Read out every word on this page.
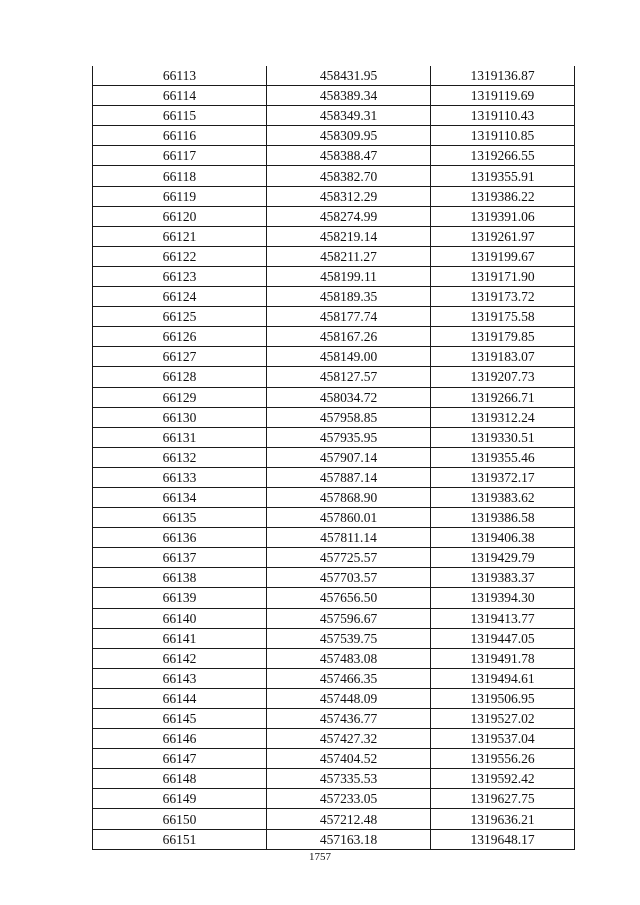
66113	458431.95	1319136.87
66114	458389.34	1319119.69
66115	458349.31	1319110.43
66116	458309.95	1319110.85
66117	458388.47	1319266.55
66118	458382.70	1319355.91
66119	458312.29	1319386.22
66120	458274.99	1319391.06
66121	458219.14	1319261.97
66122	458211.27	1319199.67
66123	458199.11	1319171.90
66124	458189.35	1319173.72
66125	458177.74	1319175.58
66126	458167.26	1319179.85
66127	458149.00	1319183.07
66128	458127.57	1319207.73
66129	458034.72	1319266.71
66130	457958.85	1319312.24
66131	457935.95	1319330.51
66132	457907.14	1319355.46
66133	457887.14	1319372.17
66134	457868.90	1319383.62
66135	457860.01	1319386.58
66136	457811.14	1319406.38
66137	457725.57	1319429.79
66138	457703.57	1319383.37
66139	457656.50	1319394.30
66140	457596.67	1319413.77
66141	457539.75	1319447.05
66142	457483.08	1319491.78
66143	457466.35	1319494.61
66144	457448.09	1319506.95
66145	457436.77	1319527.02
66146	457427.32	1319537.04
66147	457404.52	1319556.26
66148	457335.53	1319592.42
66149	457233.05	1319627.75
66150	457212.48	1319636.21
66151	457163.18	1319648.17
1757
